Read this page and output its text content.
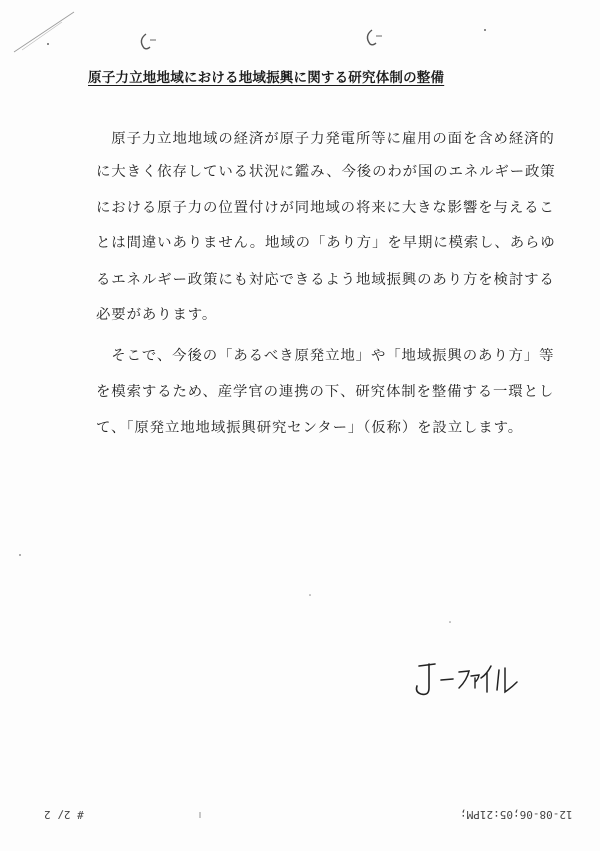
原子力立地地域における地域振興に関する研究体制の整備
　原子力立地地域の経済が原子力発電所等に雇用の面を含め経済的
に大きく依存している状況に鑑み、今後のわが国のエネルギー政策
における原子力の位置付けが同地域の将来に大きな影響を与えるこ
とは間違いありません。地域の「あり方」を早期に模索し、あらゆ
るエネルギー政策にも対応できるよう地域振興のあり方を検討する
必要があります。
　そこで、今後の「あるべき原発立地」や「地域振興のあり方」等
を模索するため、産学官の連携の下、研究体制を整備する一環とし
て、「原発立地地域振興研究センター」（仮称）を設立します。
# 2/ 2	12-08-06;05:21PM;
